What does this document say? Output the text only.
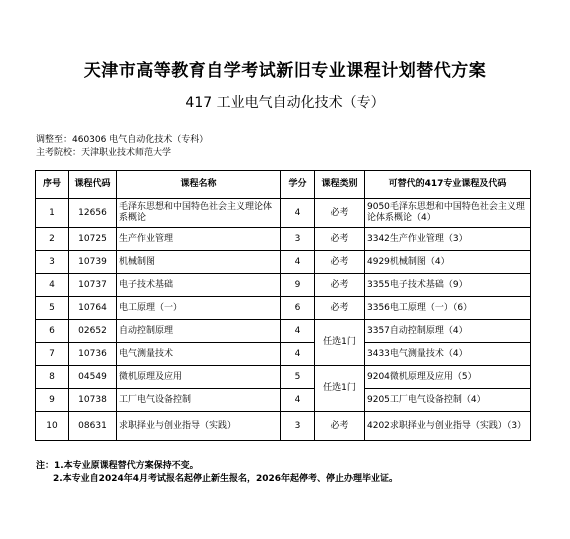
天津市高等教育自学考试新旧专业课程计划替代方案
417 工业电气自动化技术（专）
调整至：460306 电气自动化技术（专科）
主考院校：天津职业技术师范大学
序号	课程代码	课程名称	学分	课程类别	可替代的417专业课程及代码
1	12656	毛泽东思想和中国特色社会主义理论体系概论	4	必考	9050毛泽东思想和中国特色社会主义理论体系概论（4）
2	10725	生产作业管理	3	必考	3342生产作业管理（3）
3	10739	机械制图	4	必考	4929机械制图（4）
4	10737	电子技术基础	9	必考	3355电子技术基础（9）
5	10764	电工原理（一）	6	必考	3356电工原理（一）（6）
6	02652	自动控制原理	4	任选1门	3357自动控制原理（4）
7	10736	电气测量技术	4		3433电气测量技术（4）
8	04549	微机原理及应用	5	任选1门	9204微机原理及应用（5）
9	10738	工厂电气设备控制	4		9205工厂电气设备控制（4）
10	08631	求职择业与创业指导（实践）	3	必考	4202求职择业与创业指导（实践）（3）
注：1.本专业原课程替代方案保持不变。
2.本专业自2024年4月考试报名起停止新生报名，2026年起停考、停止办理毕业证。
